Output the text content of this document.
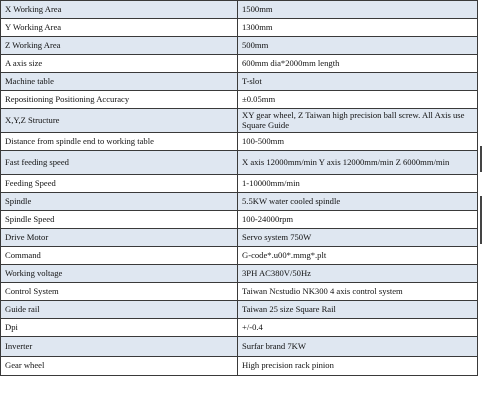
X Working Area	1500mm
Y Working Area	1300mm
Z Working Area	500mm
A axis size	600mm dia*2000mm length
Machine table	T-slot
Repositioning Positioning Accuracy	±0.05mm
X,Y,Z Structure	XY gear wheel, Z Taiwan high precision ball screw. All Axis use Square Guide
Distance from spindle end to working table	100-500mm
Fast feeding speed	X axis 12000mm/min Y axis 12000mm/min Z 6000mm/min
Feeding Speed	1-10000mm/min
Spindle	5.5KW water cooled spindle
Spindle Speed	100-24000rpm
Drive Motor	Servo system 750W
Command	G-code*.u00*.mmg*.plt
Working voltage	3PH AC380V/50Hz
Control System	Taiwan Ncstudio NK300 4 axis control system
Guide rail	Taiwan 25 size Square Rail
Dpi	+/-0.4
Inverter	Surfar brand 7KW
Gear wheel	High precision rack pinion
